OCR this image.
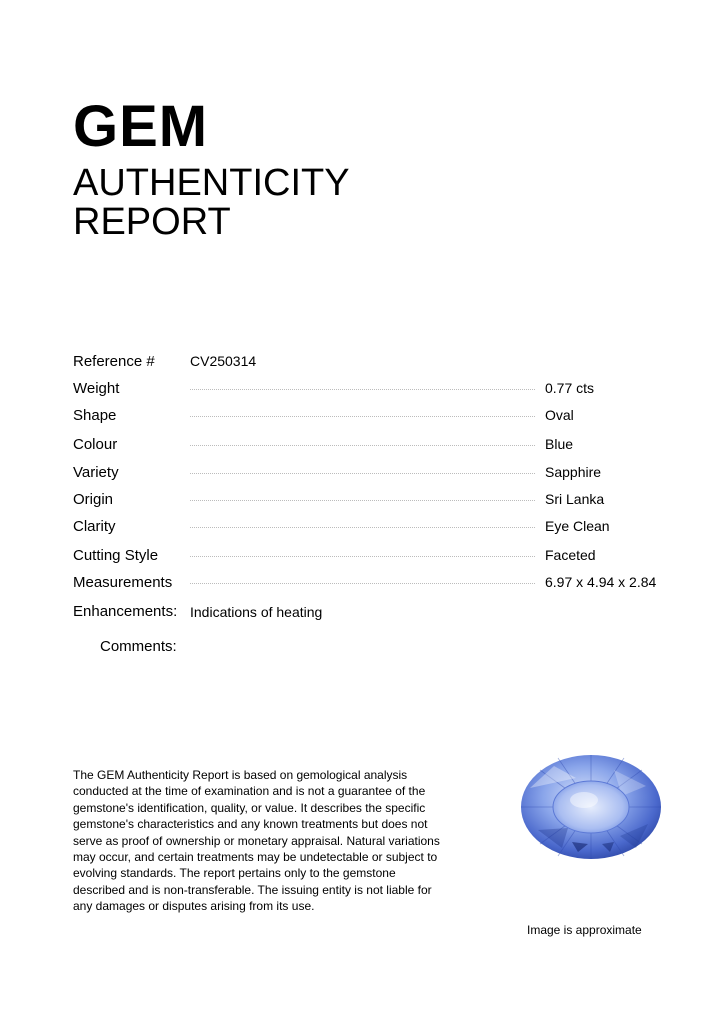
GEM
AUTHENTICITY
REPORT
Reference #	CV250314
Weight	0.77 cts
Shape	Oval
Colour	Blue
Variety	Sapphire
Origin	Sri Lanka
Clarity	Eye Clean
Cutting Style	Faceted
Measurements	6.97 x 4.94 x 2.84
Enhancements: Indications of heating
Comments:

The GEM Authenticity Report is based on gemological analysis conducted at the time of examination and is not a guarantee of the gemstone's identification, quality, or value. It describes the specific gemstone's characteristics and any known treatments but does not serve as proof of ownership or monetary appraisal. Natural variations may occur, and certain treatments may be undetectable or subject to evolving standards. The report pertains only to the gemstone described and is non-transferable. The issuing entity is not liable for any damages or disputes arising from its use.

Image is approximate
